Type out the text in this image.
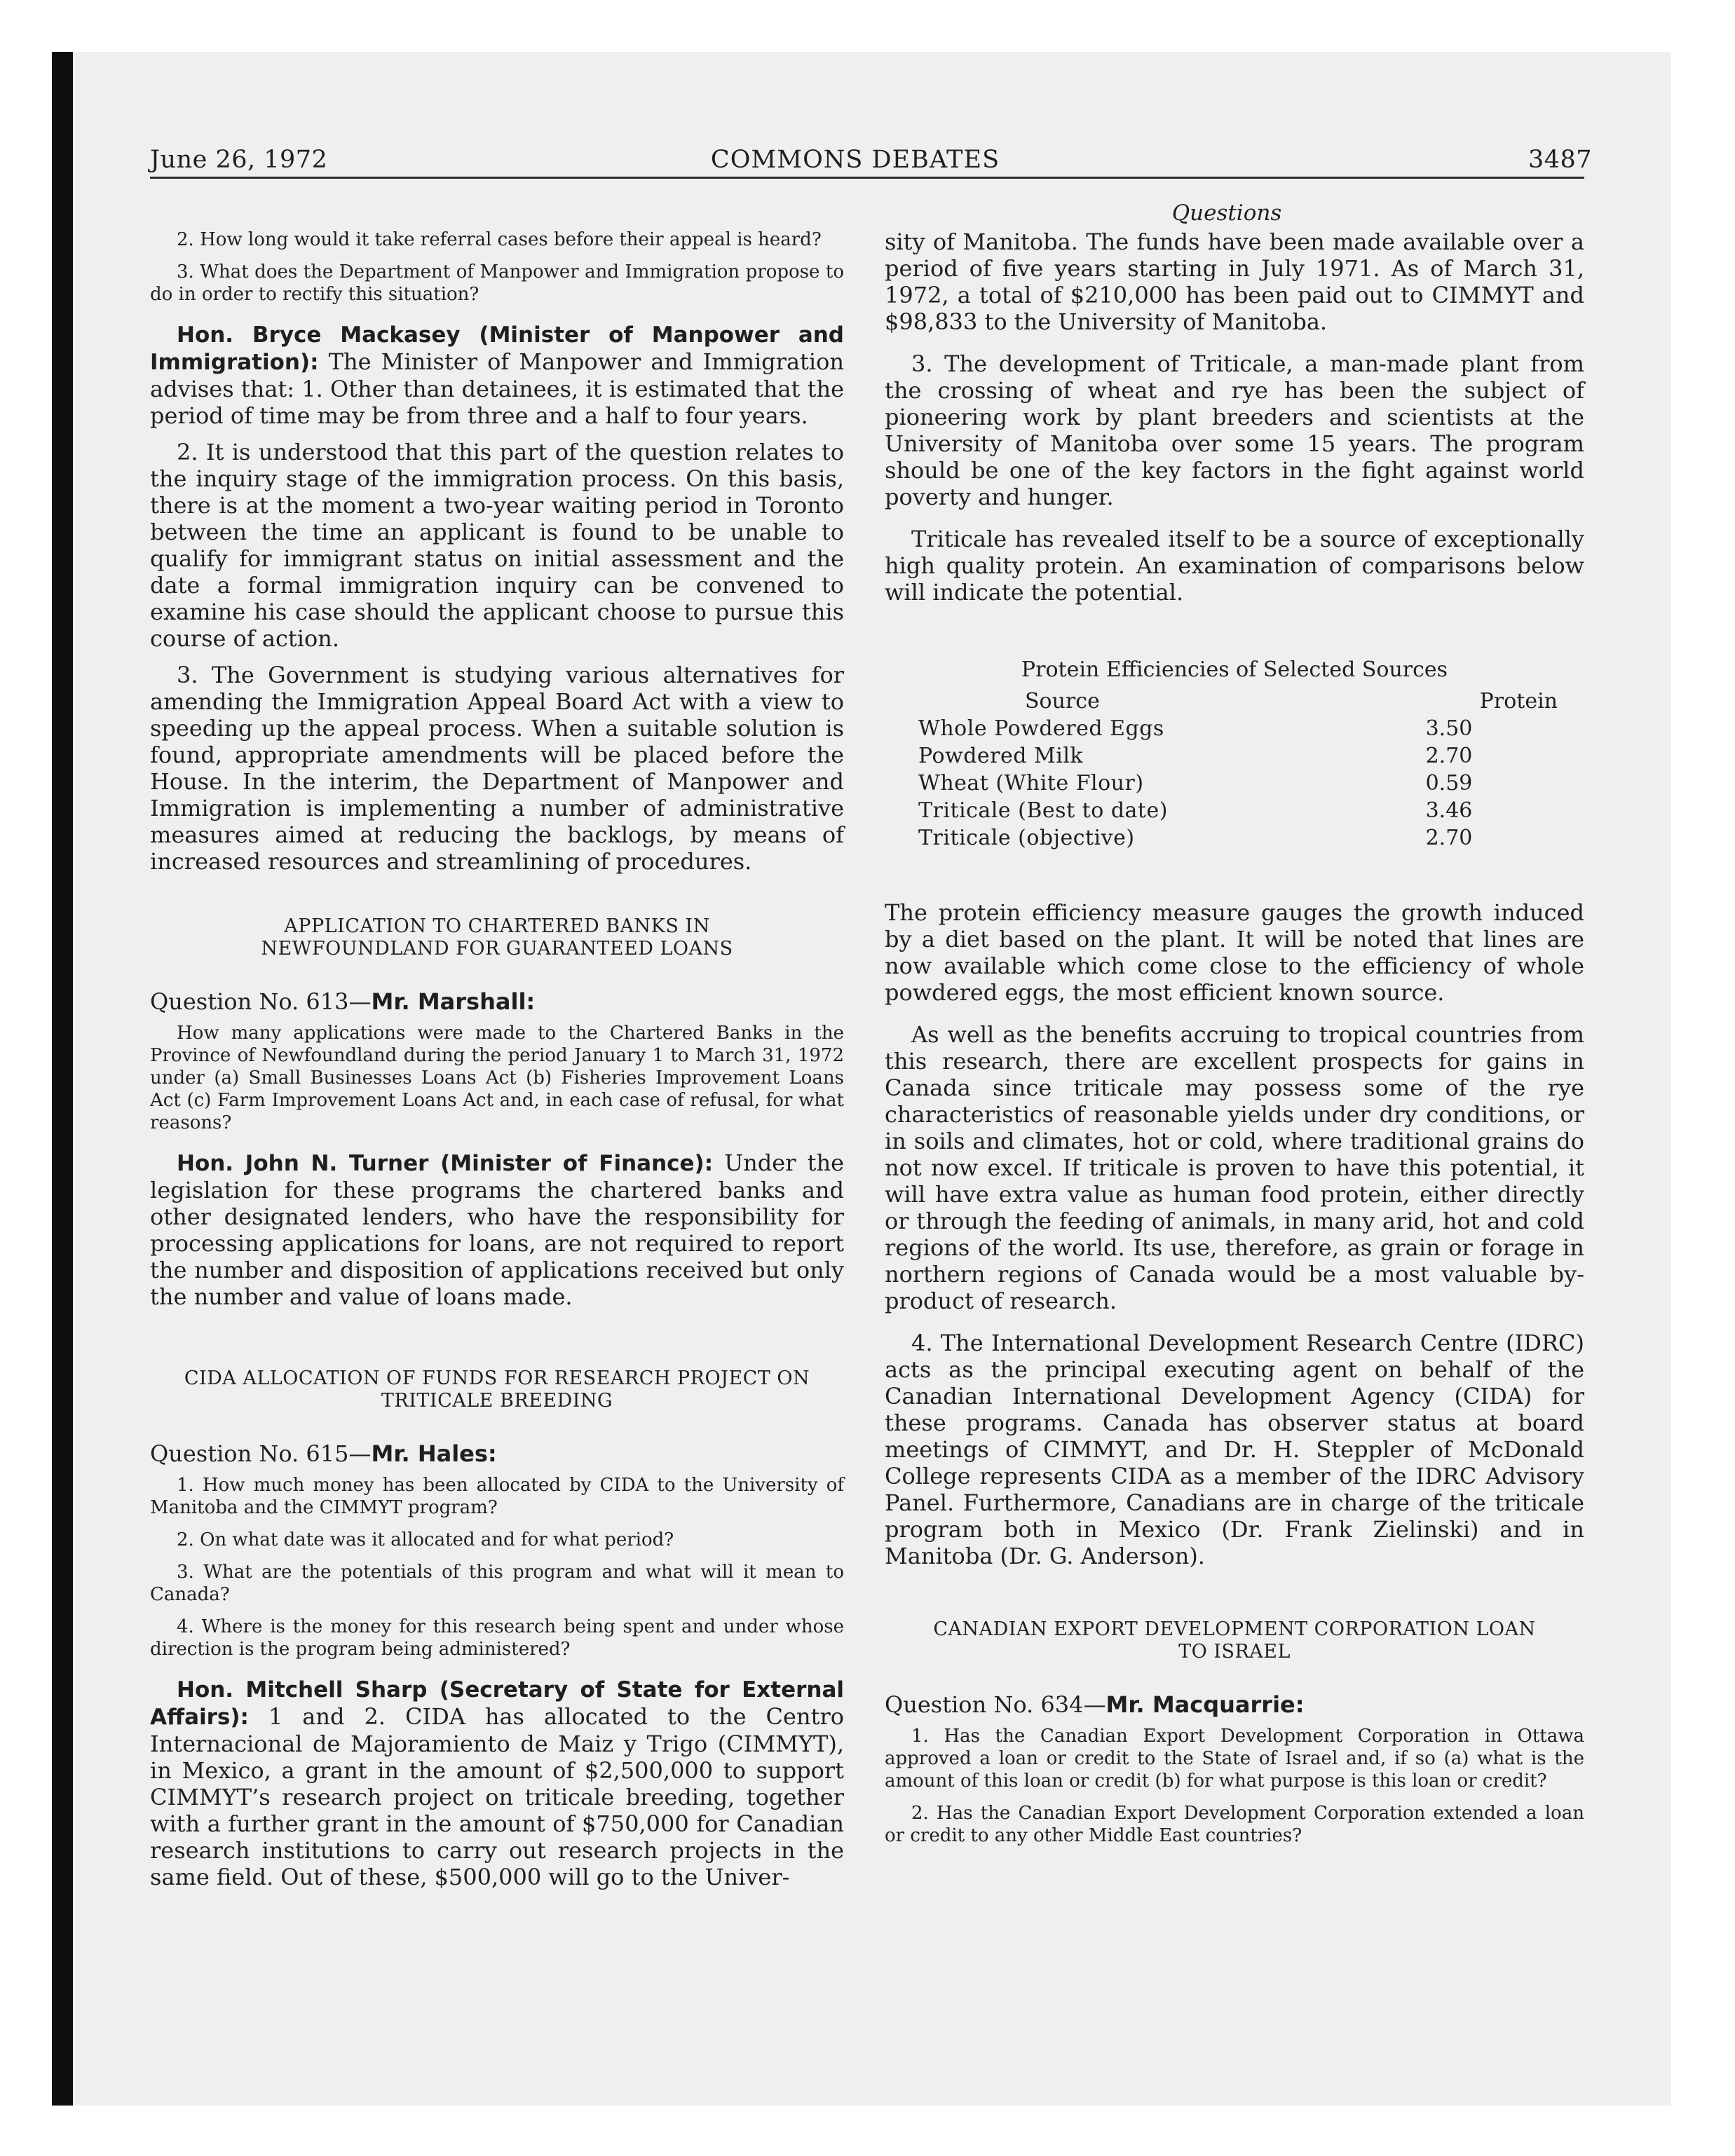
June 26, 1972	COMMONS DEBATES	3487
Questions

2. How long would it take referral cases before their appeal is heard?

3. What does the Department of Manpower and Immigration propose to do in order to rectify this situation?

Hon. Bryce Mackasey (Minister of Manpower and Immigration): The Minister of Manpower and Immigration advises that: 1. Other than detainees, it is estimated that the period of time may be from three and a half to four years.

2. It is understood that this part of the question relates to the inquiry stage of the immigration process. On this basis, there is at the moment a two-year waiting period in Toronto between the time an applicant is found to be unable to qualify for immigrant status on initial assessment and the date a formal immigration inquiry can be convened to examine his case should the applicant choose to pursue this course of action.

3. The Government is studying various alternatives for amending the Immigration Appeal Board Act with a view to speeding up the appeal process. When a suitable solution is found, appropriate amendments will be placed before the House. In the interim, the Department of Manpower and Immigration is implementing a number of administrative measures aimed at reducing the backlogs, by means of increased resources and streamlining of procedures.

APPLICATION TO CHARTERED BANKS IN NEWFOUNDLAND FOR GUARANTEED LOANS

Question No. 613—Mr. Marshall:

How many applications were made to the Chartered Banks in the Province of Newfoundland during the period January 1 to March 31, 1972 under (a) Small Businesses Loans Act (b) Fisheries Improvement Loans Act (c) Farm Improvement Loans Act and, in each case of refusal, for what reasons?

Hon. John N. Turner (Minister of Finance): Under the legislation for these programs the chartered banks and other designated lenders, who have the responsibility for processing applications for loans, are not required to report the number and disposition of applications received but only the number and value of loans made.

CIDA ALLOCATION OF FUNDS FOR RESEARCH PROJECT ON TRITICALE BREEDING

Question No. 615—Mr. Hales:

1. How much money has been allocated by CIDA to the University of Manitoba and the CIMMYT program?

2. On what date was it allocated and for what period?

3. What are the potentials of this program and what will it mean to Canada?

4. Where is the money for this research being spent and under whose direction is the program being administered?

Hon. Mitchell Sharp (Secretary of State for External Affairs): 1 and 2. CIDA has allocated to the Centro Internacional de Majoramiento de Maiz y Trigo (CIMMYT), in Mexico, a grant in the amount of $2,500,000 to support CIMMYT’s research project on triticale breeding, together with a further grant in the amount of $750,000 for Canadian research institutions to carry out research projects in the same field. Out of these, $500,000 will go to the Univer-

sity of Manitoba. The funds have been made available over a period of five years starting in July 1971. As of March 31, 1972, a total of $210,000 has been paid out to CIMMYT and $98,833 to the University of Manitoba.

3. The development of Triticale, a man-made plant from the crossing of wheat and rye has been the subject of pioneering work by plant breeders and scientists at the University of Manitoba over some 15 years. The program should be one of the key factors in the fight against world poverty and hunger.

Triticale has revealed itself to be a source of exceptionally high quality protein. An examination of comparisons below will indicate the potential.

Protein Efficiencies of Selected Sources
Source	Protein
Whole Powdered Eggs	3.50
Powdered Milk	2.70
Wheat (White Flour)	0.59
Triticale (Best to date)	3.46
Triticale (objective)	2.70

The protein efficiency measure gauges the growth induced by a diet based on the plant. It will be noted that lines are now available which come close to the efficiency of whole powdered eggs, the most efficient known source.

As well as the benefits accruing to tropical countries from this research, there are excellent prospects for gains in Canada since triticale may possess some of the rye characteristics of reasonable yields under dry conditions, or in soils and climates, hot or cold, where traditional grains do not now excel. If triticale is proven to have this potential, it will have extra value as human food protein, either directly or through the feeding of animals, in many arid, hot and cold regions of the world. Its use, therefore, as grain or forage in northern regions of Canada would be a most valuable by-product of research.

4. The International Development Research Centre (IDRC) acts as the principal executing agent on behalf of the Canadian International Development Agency (CIDA) for these programs. Canada has observer status at board meetings of CIMMYT, and Dr. H. Steppler of McDonald College represents CIDA as a member of the IDRC Advisory Panel. Furthermore, Canadians are in charge of the triticale program both in Mexico (Dr. Frank Zielinski) and in Manitoba (Dr. G. Anderson).

CANADIAN EXPORT DEVELOPMENT CORPORATION LOAN TO ISRAEL

Question No. 634—Mr. Macquarrie:

1. Has the Canadian Export Development Corporation in Ottawa approved a loan or credit to the State of Israel and, if so (a) what is the amount of this loan or credit (b) for what purpose is this loan or credit?

2. Has the Canadian Export Development Corporation extended a loan or credit to any other Middle East countries?
